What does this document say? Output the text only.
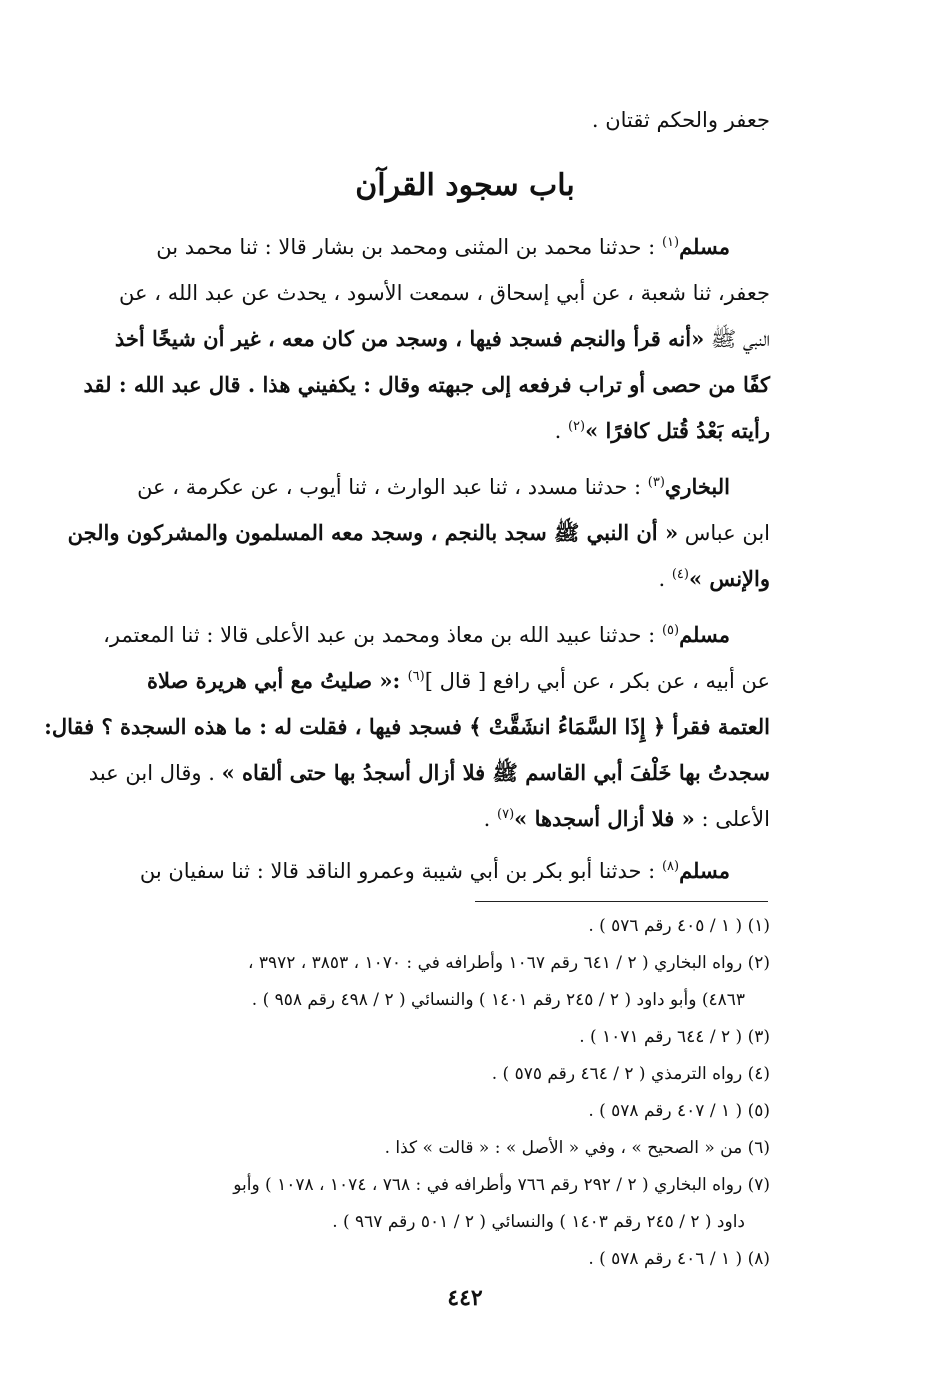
جعفر والحكم ثقتان .
باب سجود القرآن
مسلم$^{(١)}$ : حدثنا محمد بن المثنى ومحمد بن بشار قالا : ثنا محمد بن
جعفر، ثنا شعبة ، عن أبي إسحاق ، سمعت الأسود ، يحدث عن عبد الله ، عن
النبي ﷺ «أنه قرأ والنجم فسجد فيها ، وسجد من كان معه ، غير أن شيخًا أخذ
كفًا من حصى أو تراب فرفعه إلى جبهته وقال : يكفيني هذا . قال عبد الله : لقد
رأيته بَعْدُ قُتل كافرًا »$^{(٢)}$ .
البخاري$^{(٣)}$ : حدثنا مسدد ، ثنا عبد الوارث ، ثنا أيوب ، عن عكرمة ، عن
ابن عباس « أن النبي ﷺ سجد بالنجم ، وسجد معه المسلمون والمشركون والجن
والإنس »$^{(٤)}$ .
مسلم$^{(٥)}$ : حدثنا عبيد الله بن معاذ ومحمد بن عبد الأعلى قالا : ثنا المعتمر،
عن أبيه ، عن بكر ، عن أبي رافع [ قال ]$^{(٦)}$ :« صليتُ مع أبي هريرة صلاة
العتمة فقرأ ﴿ إِذَا السَّمَاءُ انشَقَّتْ ﴾ فسجد فيها ، فقلت له : ما هذه السجدة ؟ فقال:
سجدتُ بها خَلْفَ أبي القاسم ﷺ فلا أزال أسجدُ بها حتى ألقاه » . وقال ابن عبد
الأعلى : « فلا أزال أسجدها »$^{(٧)}$ .
مسلم$^{(٨)}$ : حدثنا أبو بكر بن أبي شيبة وعمرو الناقد قالا : ثنا سفيان بن
(١) ( ١ / ٤٠٥ رقم ٥٧٦ ) .
(٢) رواه البخاري ( ٢ / ٦٤١ رقم ١٠٦٧ وأطرافه في : ١٠٧٠ ، ٣٨٥٣ ، ٣٩٧٢ ،
٤٨٦٣) وأبو داود ( ٢ / ٢٤٥ رقم ١٤٠١ ) والنسائي ( ٢ / ٤٩٨ رقم ٩٥٨ ) .
(٣) ( ٢ / ٦٤٤ رقم ١٠٧١ ) .
(٤) رواه الترمذي ( ٢ / ٤٦٤ رقم ٥٧٥ ) .
(٥) ( ١ / ٤٠٧ رقم ٥٧٨ ) .
(٦) من « الصحيح » ، وفي « الأصل » : « قالت » كذا .
(٧) رواه البخاري ( ٢ / ٢٩٢ رقم ٧٦٦ وأطرافه في : ٧٦٨ ، ١٠٧٤ ، ١٠٧٨ ) وأبو
داود ( ٢ / ٢٤٥ رقم ١٤٠٣ ) والنسائي ( ٢ / ٥٠١ رقم ٩٦٧ ) .
(٨) ( ١ / ٤٠٦ رقم ٥٧٨ ) .
٤٤٢
